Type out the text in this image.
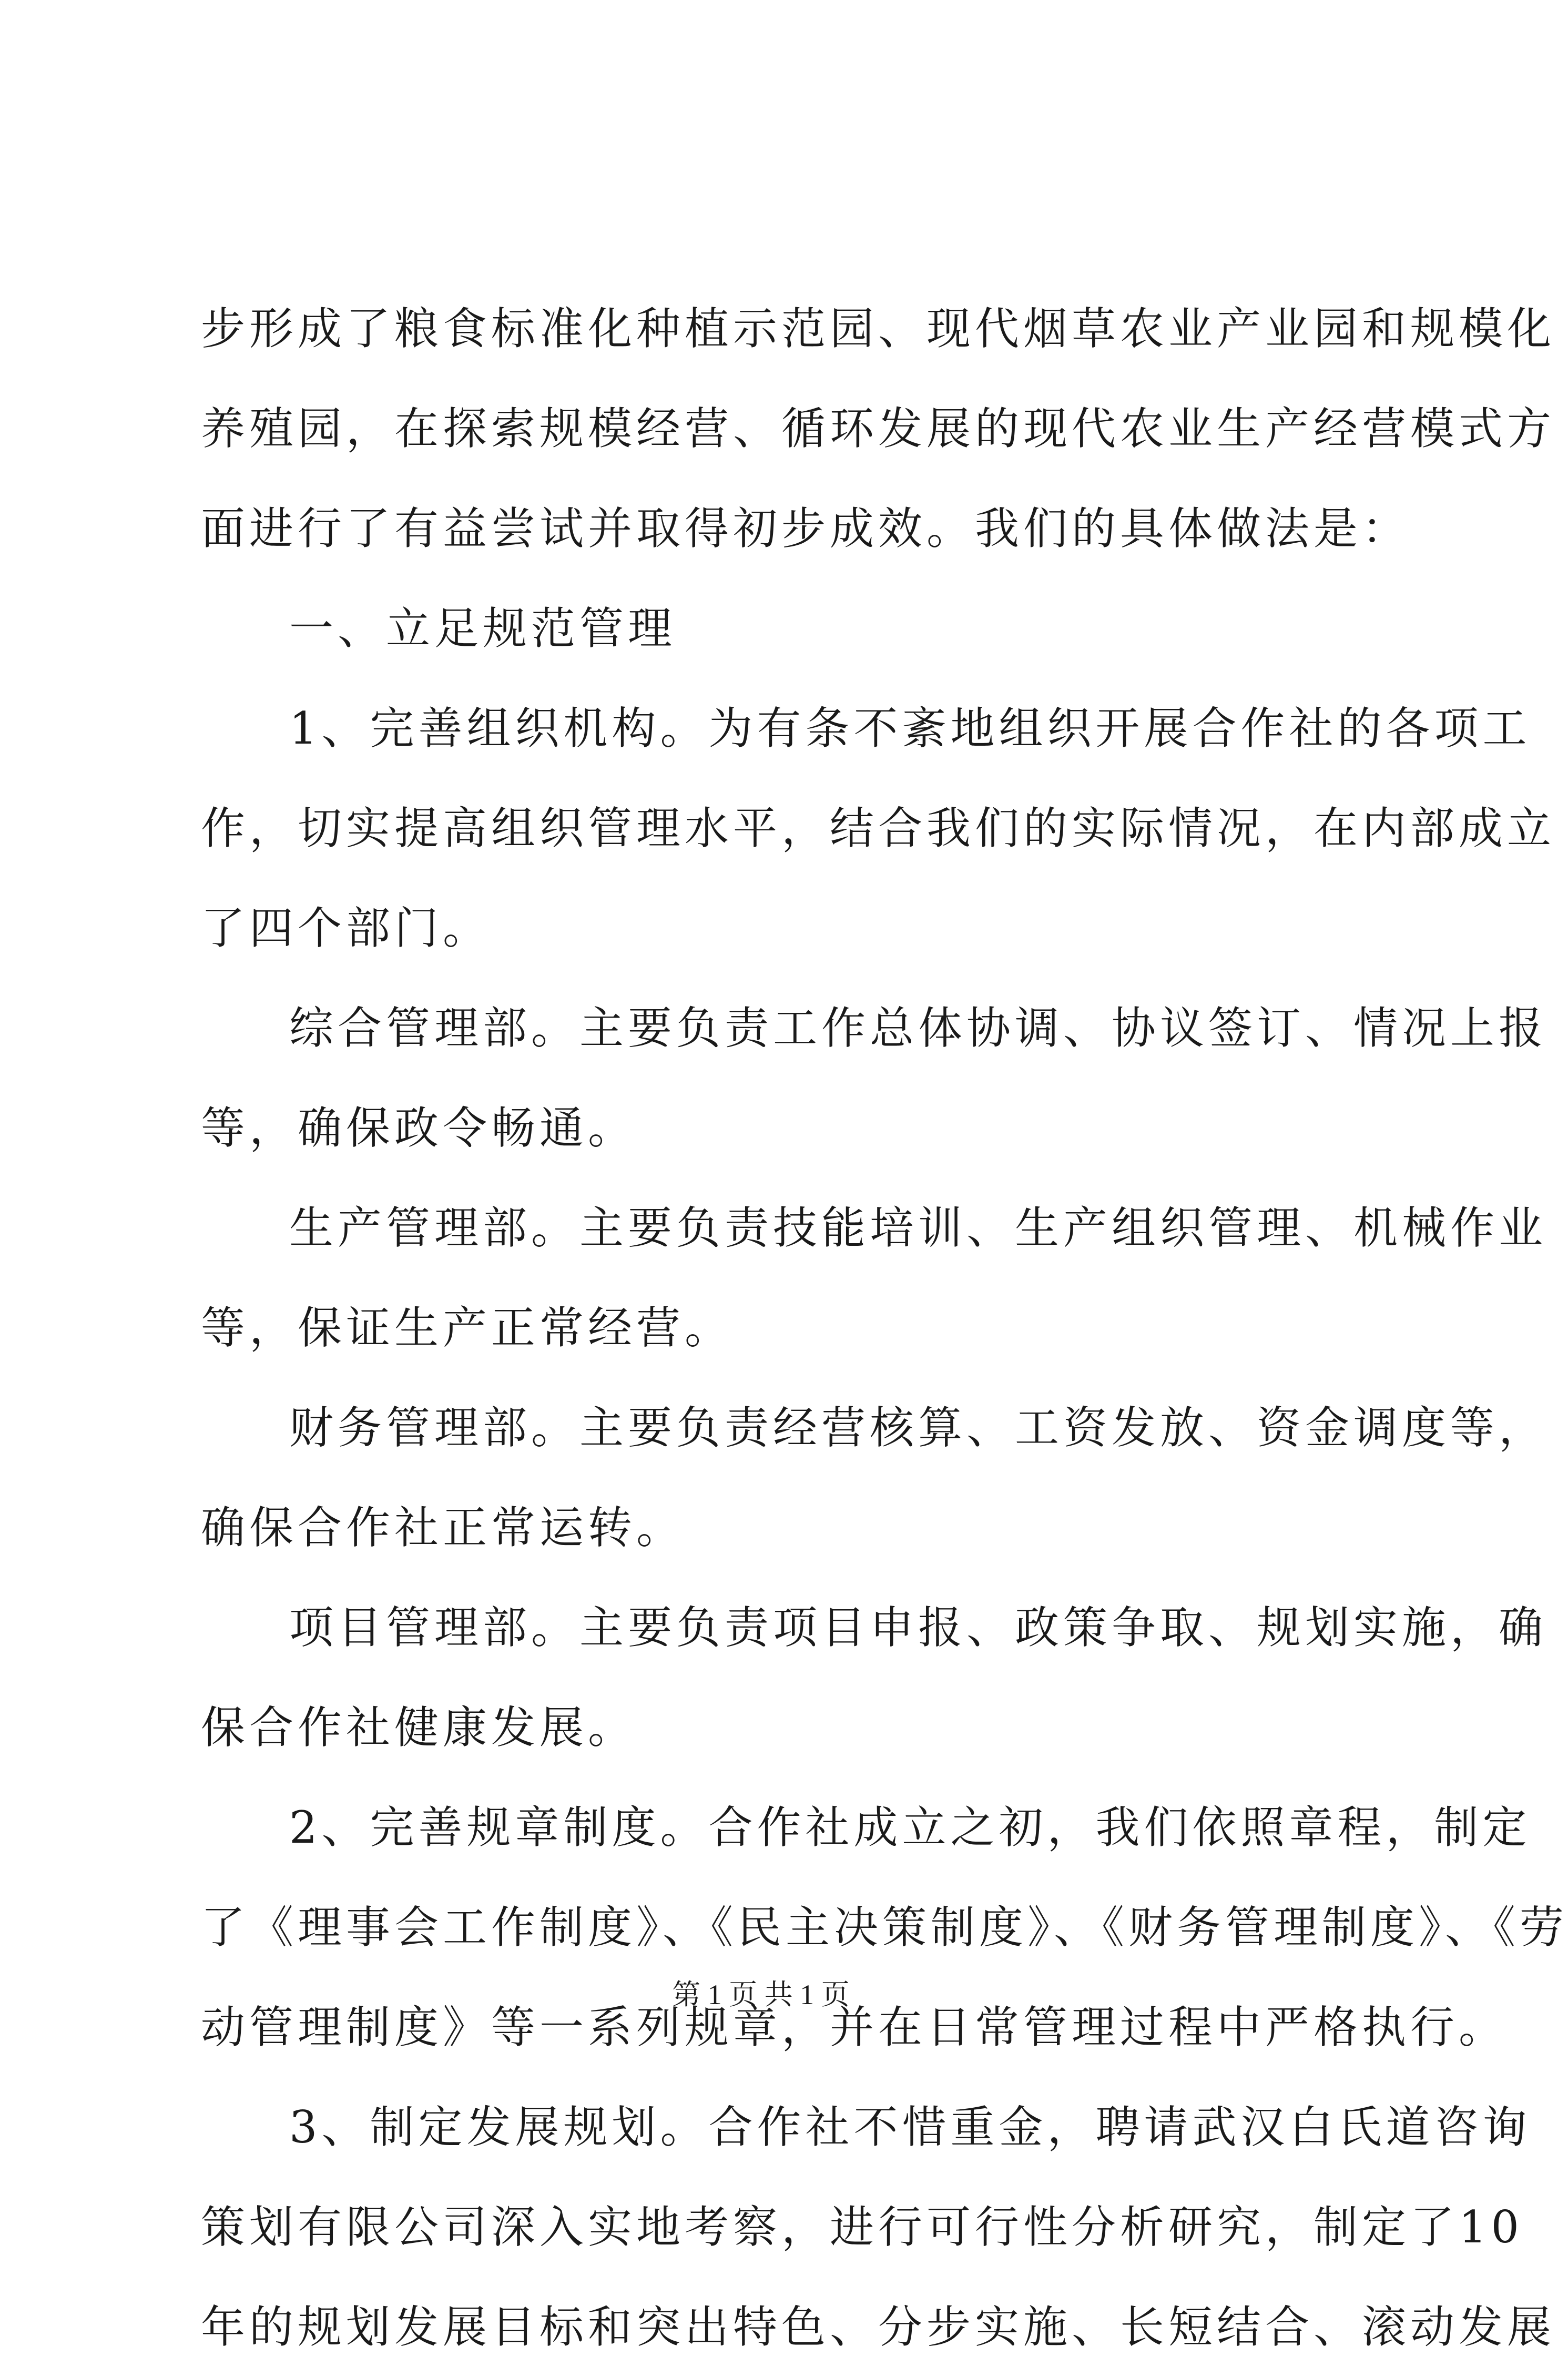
步形成了粮食标准化种植示范园、现代烟草农业产业园和规模化
养殖园，在探索规模经营、循环发展的现代农业生产经营模式方
面进行了有益尝试并取得初步成效。我们的具体做法是：
一、立足规范管理
1、完善组织机构。为有条不紊地组织开展合作社的各项工
作，切实提高组织管理水平，结合我们的实际情况，在内部成立
了四个部门。
综合管理部。主要负责工作总体协调、协议签订、情况上报
等，确保政令畅通。
生产管理部。主要负责技能培训、生产组织管理、机械作业
等，保证生产正常经营。
财务管理部。主要负责经营核算、工资发放、资金调度等，
确保合作社正常运转。
项目管理部。主要负责项目申报、政策争取、规划实施，确
保合作社健康发展。
2、完善规章制度。合作社成立之初，我们依照章程，制定
了《理事会工作制度》、《民主决策制度》、《财务管理制度》、《劳
动管理制度》等一系列规章，并在日常管理过程中严格执行。
3、制定发展规划。合作社不惜重金，聘请武汉白氏道咨询
策划有限公司深入实地考察，进行可行性分析研究，制定了10
年的规划发展目标和突出特色、分步实施、长短结合、滚动发展
第 1 页 共 1 页
